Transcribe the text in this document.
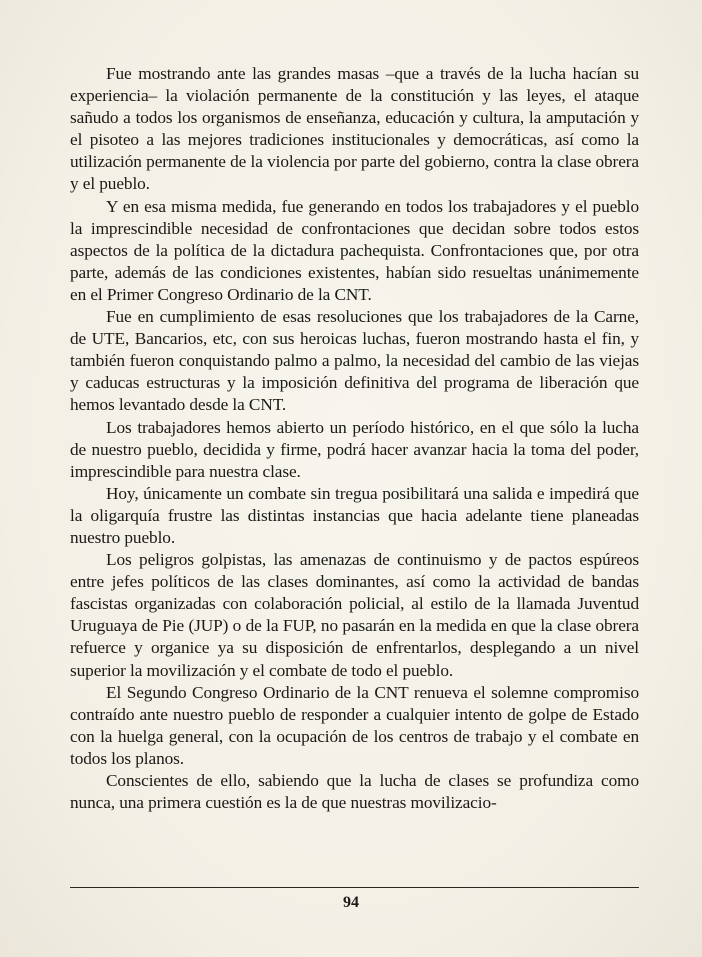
Fue mostrando ante las grandes masas –que a través de la lucha hacían su experiencia– la violación permanente de la constitución y las leyes, el ataque sañudo a todos los organismos de enseñanza, educación y cultura, la amputación y el pisoteo a las mejores tradiciones institucionales y democráticas, así como la utilización permanente de la violencia por parte del gobierno, contra la clase obrera y el pueblo.

Y en esa misma medida, fue generando en todos los trabajadores y el pueblo la imprescindible necesidad de confrontaciones que decidan sobre todos estos aspectos de la política de la dictadura pachequista. Confrontaciones que, por otra parte, además de las condiciones existentes, habían sido resueltas unánimemente en el Primer Congreso Ordinario de la CNT.

Fue en cumplimiento de esas resoluciones que los trabajadores de la Carne, de UTE, Bancarios, etc, con sus heroicas luchas, fueron mostrando hasta el fin, y también fueron conquistando palmo a palmo, la necesidad del cambio de las viejas y caducas estructuras y la imposición definitiva del programa de liberación que hemos levantado desde la CNT.

Los trabajadores hemos abierto un período histórico, en el que sólo la lucha de nuestro pueblo, decidida y firme, podrá hacer avanzar hacia la toma del poder, imprescindible para nuestra clase.

Hoy, únicamente un combate sin tregua posibilitará una salida e impedirá que la oligarquía frustre las distintas instancias que hacia adelante tiene planeadas nuestro pueblo.

Los peligros golpistas, las amenazas de continuismo y de pactos espúreos entre jefes políticos de las clases dominantes, así como la actividad de bandas fascistas organizadas con colaboración policial, al estilo de la llamada Juventud Uruguaya de Pie (JUP) o de la FUP, no pasarán en la medida en que la clase obrera refuerce y organice ya su disposición de enfrentarlos, desplegando a un nivel superior la movilización y el combate de todo el pueblo.

El Segundo Congreso Ordinario de la CNT renueva el solemne compromiso contraído ante nuestro pueblo de responder a cualquier intento de golpe de Estado con la huelga general, con la ocupación de los centros de trabajo y el combate en todos los planos.

Conscientes de ello, sabiendo que la lucha de clases se profundiza como nunca, una primera cuestión es la de que nuestras movilizacio-

94
